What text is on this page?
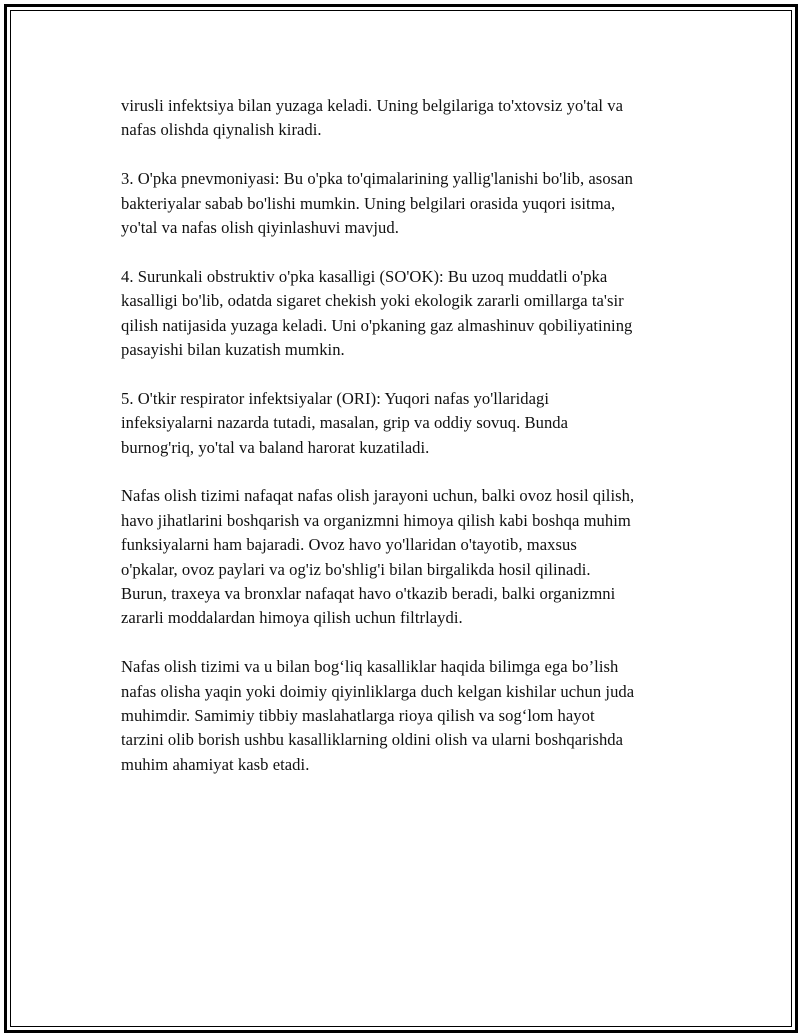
virusli infektsiya bilan yuzaga keladi. Uning belgilariga to'xtovsiz yo'tal va
nafas olishda qiynalish kiradi.

3. O'pka pnevmoniyasi: Bu o'pka to'qimalarining yallig'lanishi bo'lib, asosan
bakteriyalar sabab bo'lishi mumkin. Uning belgilari orasida yuqori isitma,
yo'tal va nafas olish qiyinlashuvi mavjud.

4. Surunkali obstruktiv o'pka kasalligi (SO'OK): Bu uzoq muddatli o'pka
kasalligi bo'lib, odatda sigaret chekish yoki ekologik zararli omillarga ta'sir
qilish natijasida yuzaga keladi. Uni o'pkaning gaz almashinuv qobiliyatining
pasayishi bilan kuzatish mumkin.

5. O'tkir respirator infektsiyalar (ORI): Yuqori nafas yo'llaridagi
infeksiyalarni nazarda tutadi, masalan, grip va oddiy sovuq. Bunda
burnog'riq, yo'tal va baland harorat kuzatiladi.

Nafas olish tizimi nafaqat nafas olish jarayoni uchun, balki ovoz hosil qilish,
havo jihatlarini boshqarish va organizmni himoya qilish kabi boshqa muhim
funksiyalarni ham bajaradi. Ovoz havo yo'llaridan o'tayotib, maxsus
o'pkalar, ovoz paylari va og'iz bo'shlig'i bilan birgalikda hosil qilinadi.
Burun, traxeya va bronxlar nafaqat havo o'tkazib beradi, balki organizmni
zararli moddalardan himoya qilish uchun filtrlaydi.

Nafas olish tizimi va u bilan bog‘liq kasalliklar haqida bilimga ega bo’lish
nafas olisha yaqin yoki doimiy qiyinliklarga duch kelgan kishilar uchun juda
muhimdir. Samimiy tibbiy maslahatlarga rioya qilish va sog‘lom hayot
tarzini olib borish ushbu kasalliklarning oldini olish va ularni boshqarishda
muhim ahamiyat kasb etadi.
